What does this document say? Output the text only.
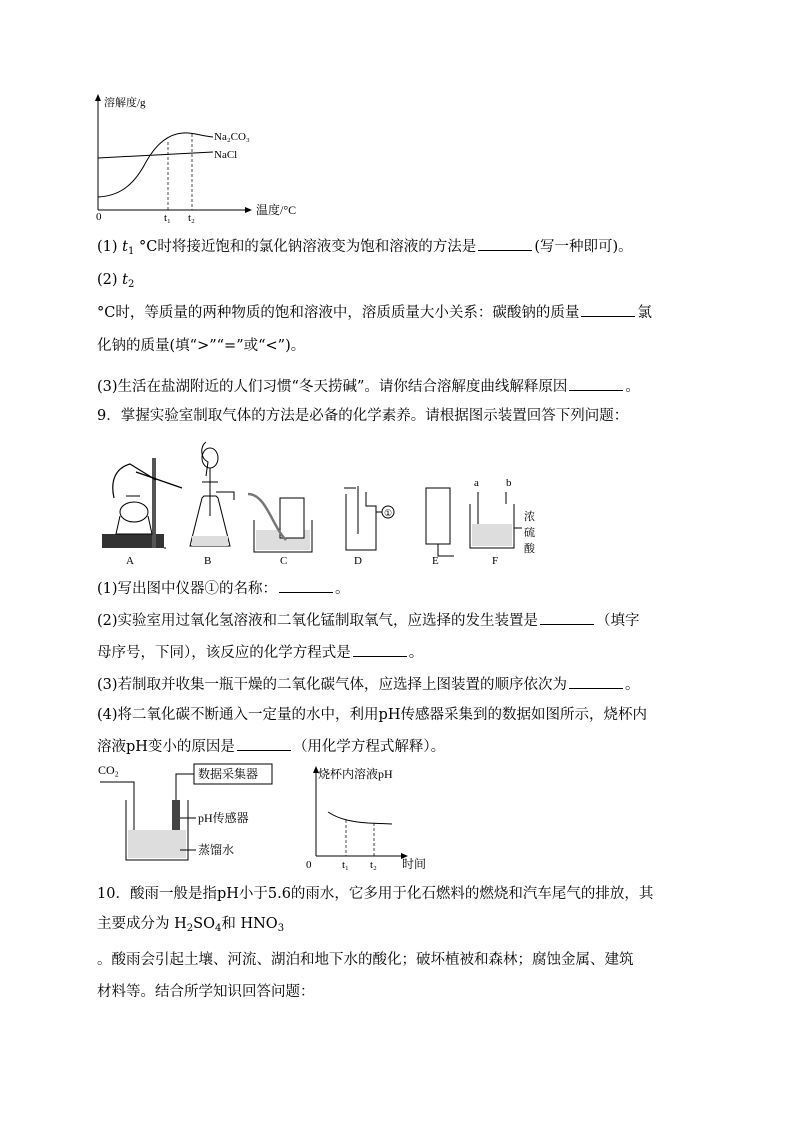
溶解度/g
Na₂CO₃
NaCl
0	t₁ t₂
温度/°C
(1) $t_1$ °C时将接近饱和的氯化钠溶液变为饱和溶液的方法是	(写一种即可)。
(2) $t_2$
°C时，等质量的两种物质的饱和溶液中，溶质质量大小关系：碳酸钠的质量	氯
化钠的质量(填“>”“=”或“<”)。
(3)生活在盐湖附近的人们习惯“冬天捞碱”。请你结合溶解度曲线解释原因	。
9．掌握实验室制取气体的方法是必备的化学素养。请根据图示装置回答下列问题：
A	B	C
①
D	E
a b
浓
硫
酸
F
(1)写出图中仪器①的名称：	。
(2)实验室用过氧化氢溶液和二氧化锰制取氧气，应选择的发生装置是	（填字
母序号，下同），该反应的化学方程式是	。
(3)若制取并收集一瓶干燥的二氧化碳气体，应选择上图装置的顺序依次为	。
(4)将二氧化碳不断通入一定量的水中，利用pH传感器采集到的数据如图所示，烧杯内
溶液pH变小的原因是	（用化学方程式解释）。
CO₂	数据采集器
pH传感器
蒸馏水
烧杯内溶液pH
0	t₁ t₂ 时间
10．酸雨一般是指pH小于5.6的雨水，它多用于化石燃料的燃烧和汽车尾气的排放，其
主要成分为 $H_2SO_4$和 $HNO_3$
。酸雨会引起土壤、河流、湖泊和地下水的酸化；破坏植被和森林；腐蚀金属、建筑
材料等。结合所学知识回答问题：
